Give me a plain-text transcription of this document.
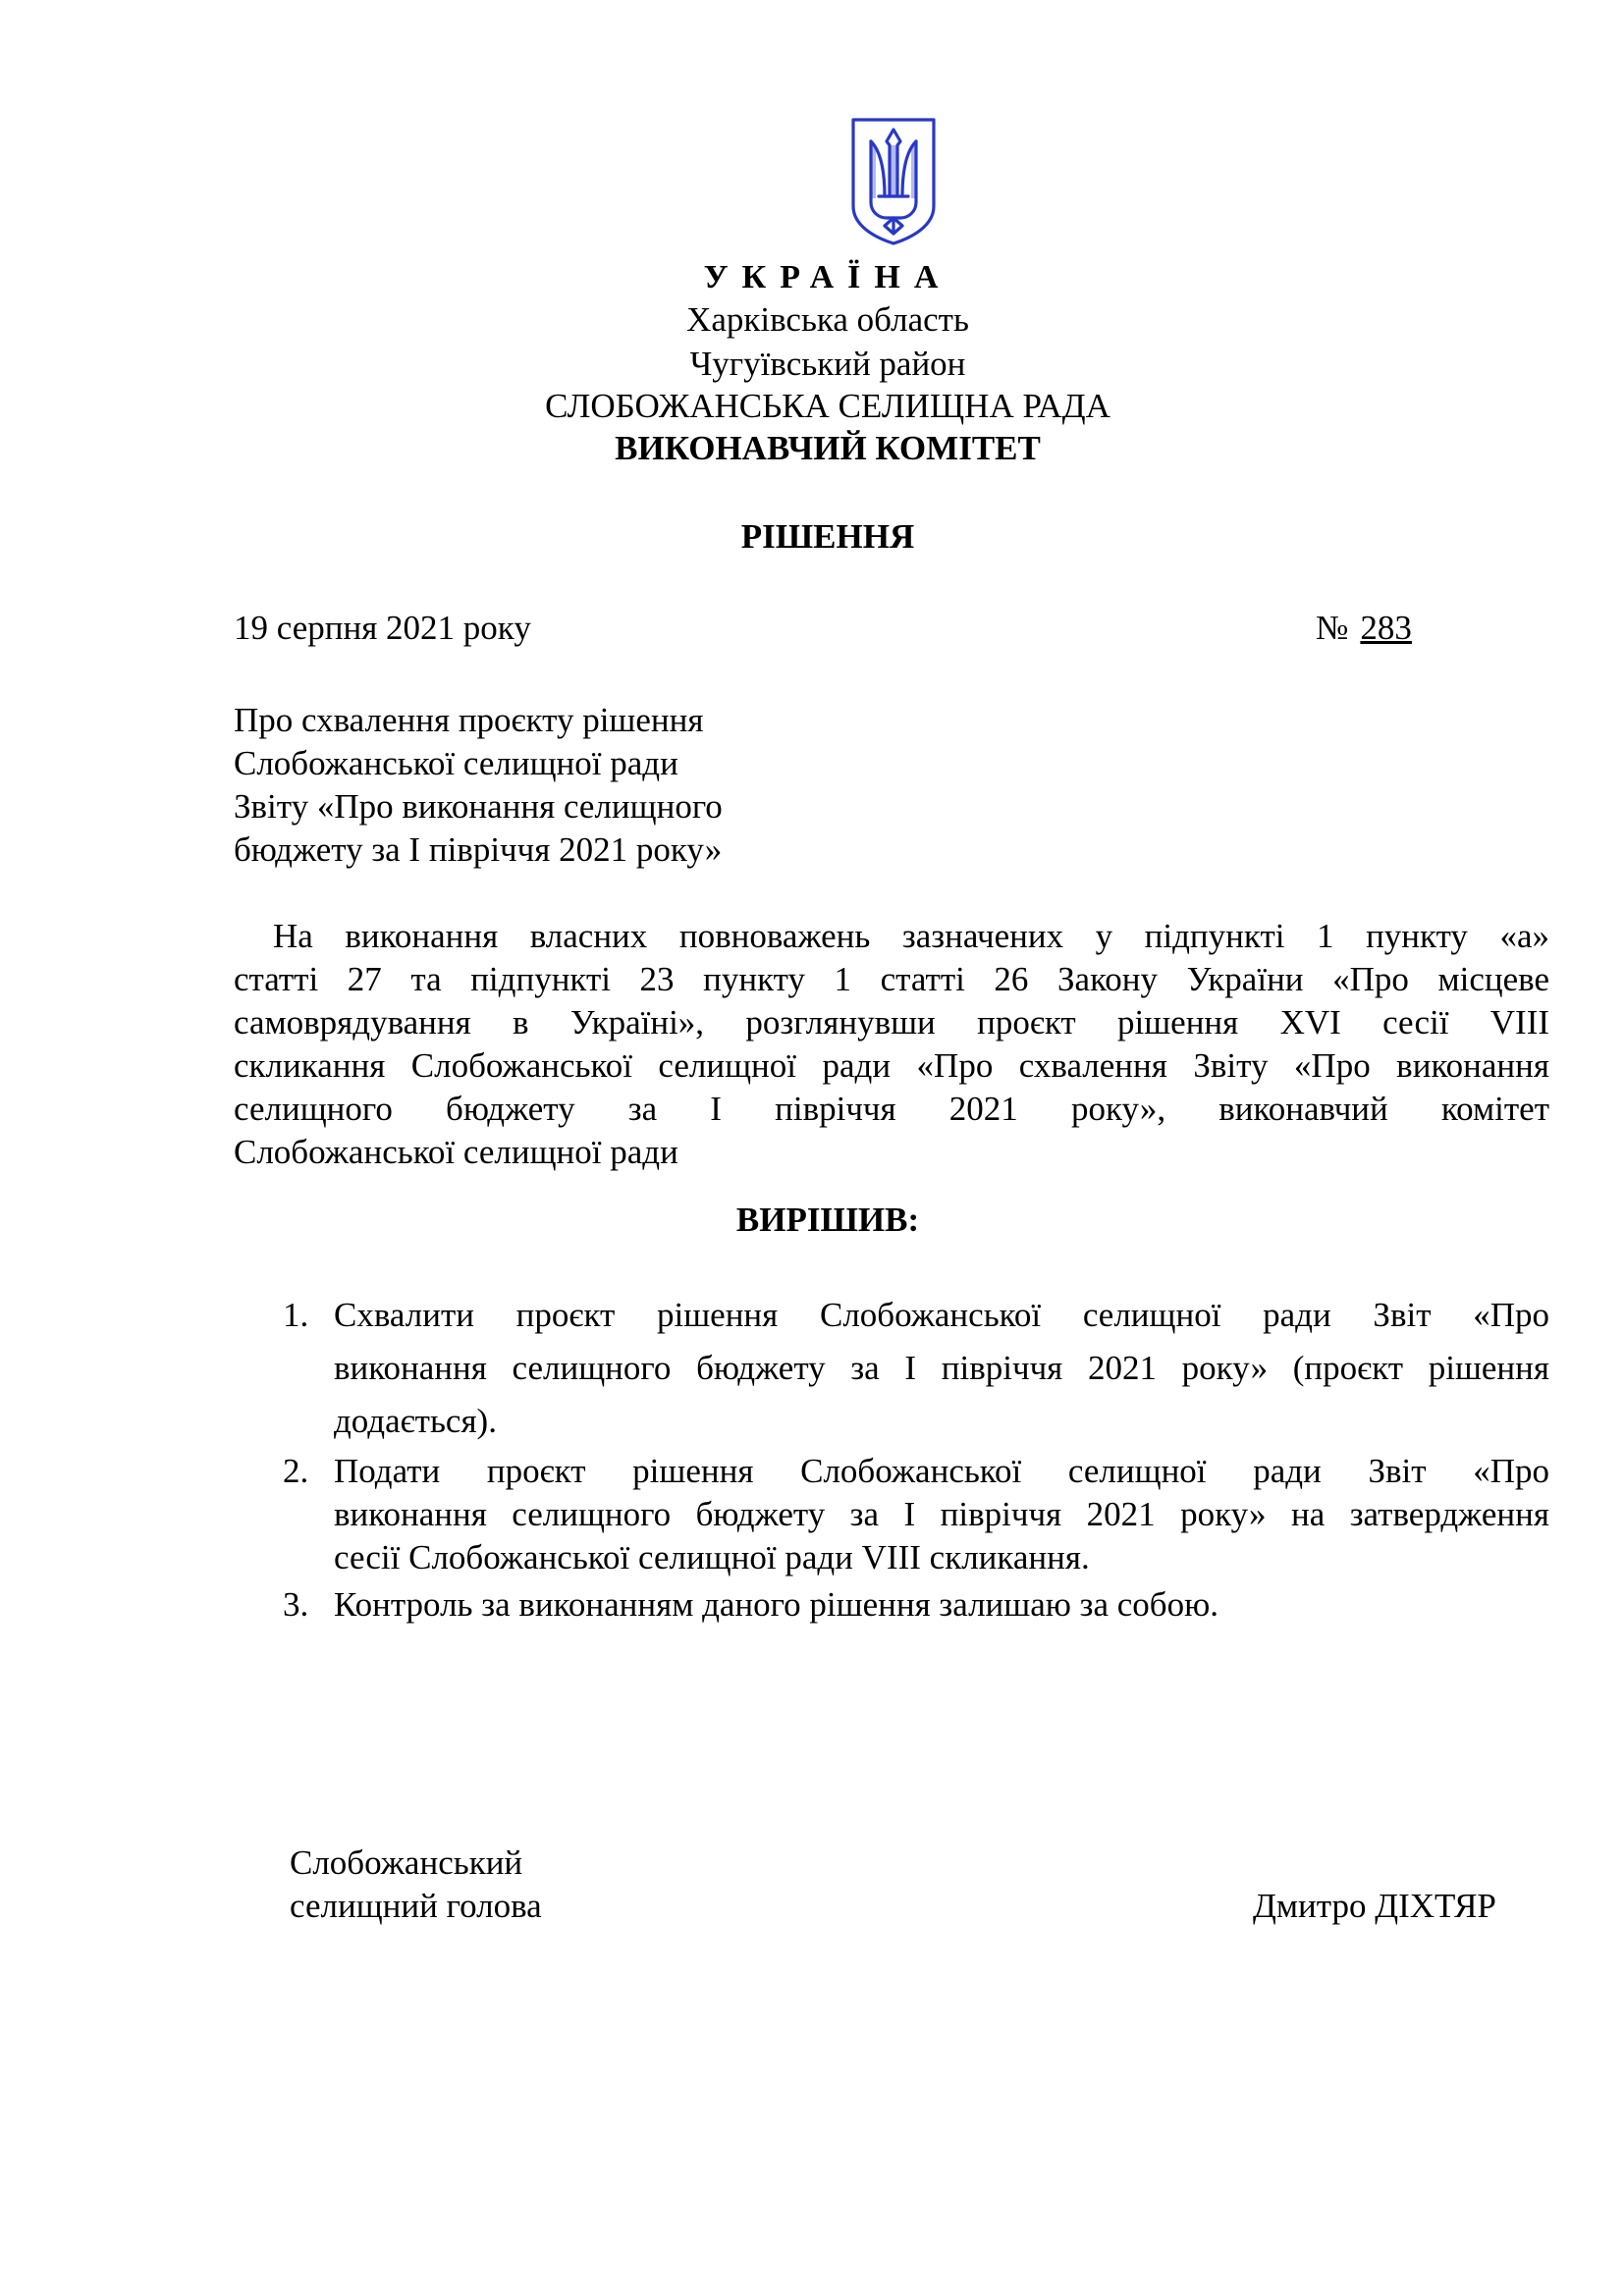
УКРАЇНА
Харківська область
Чугуївський район
СЛОБОЖАНСЬКА СЕЛИЩНА РАДА
ВИКОНАВЧИЙ КОМІТЕТ
РІШЕННЯ
19 серпня 2021 року	№ 283
Про схвалення проєкту рішення
Слобожанської селищної ради
Звіту «Про виконання селищного
бюджету за І півріччя 2021 року»
На виконання власних повноважень зазначених у підпункті 1 пункту «а»
статті 27 та підпункті 23 пункту 1 статті 26 Закону України «Про місцеве
самоврядування в Україні», розглянувши проєкт рішення XVI сесії VIII
скликання Слобожанської селищної ради «Про схвалення Звіту «Про виконання
селищного бюджету за І півріччя 2021 року», виконавчий комітет
Слобожанської селищної ради
ВИРІШИВ:
1. Схвалити проєкт рішення Слобожанської селищної ради Звіт «Про
виконання селищного бюджету за І півріччя 2021 року» (проєкт рішення
додається).
2. Подати проєкт рішення Слобожанської селищної ради Звіт «Про
виконання селищного бюджету за І півріччя 2021 року» на затвердження
сесії Слобожанської селищної ради VIII скликання.
3. Контроль за виконанням даного рішення залишаю за собою.
Слобожанський
селищний голова	Дмитро ДІХТЯР
